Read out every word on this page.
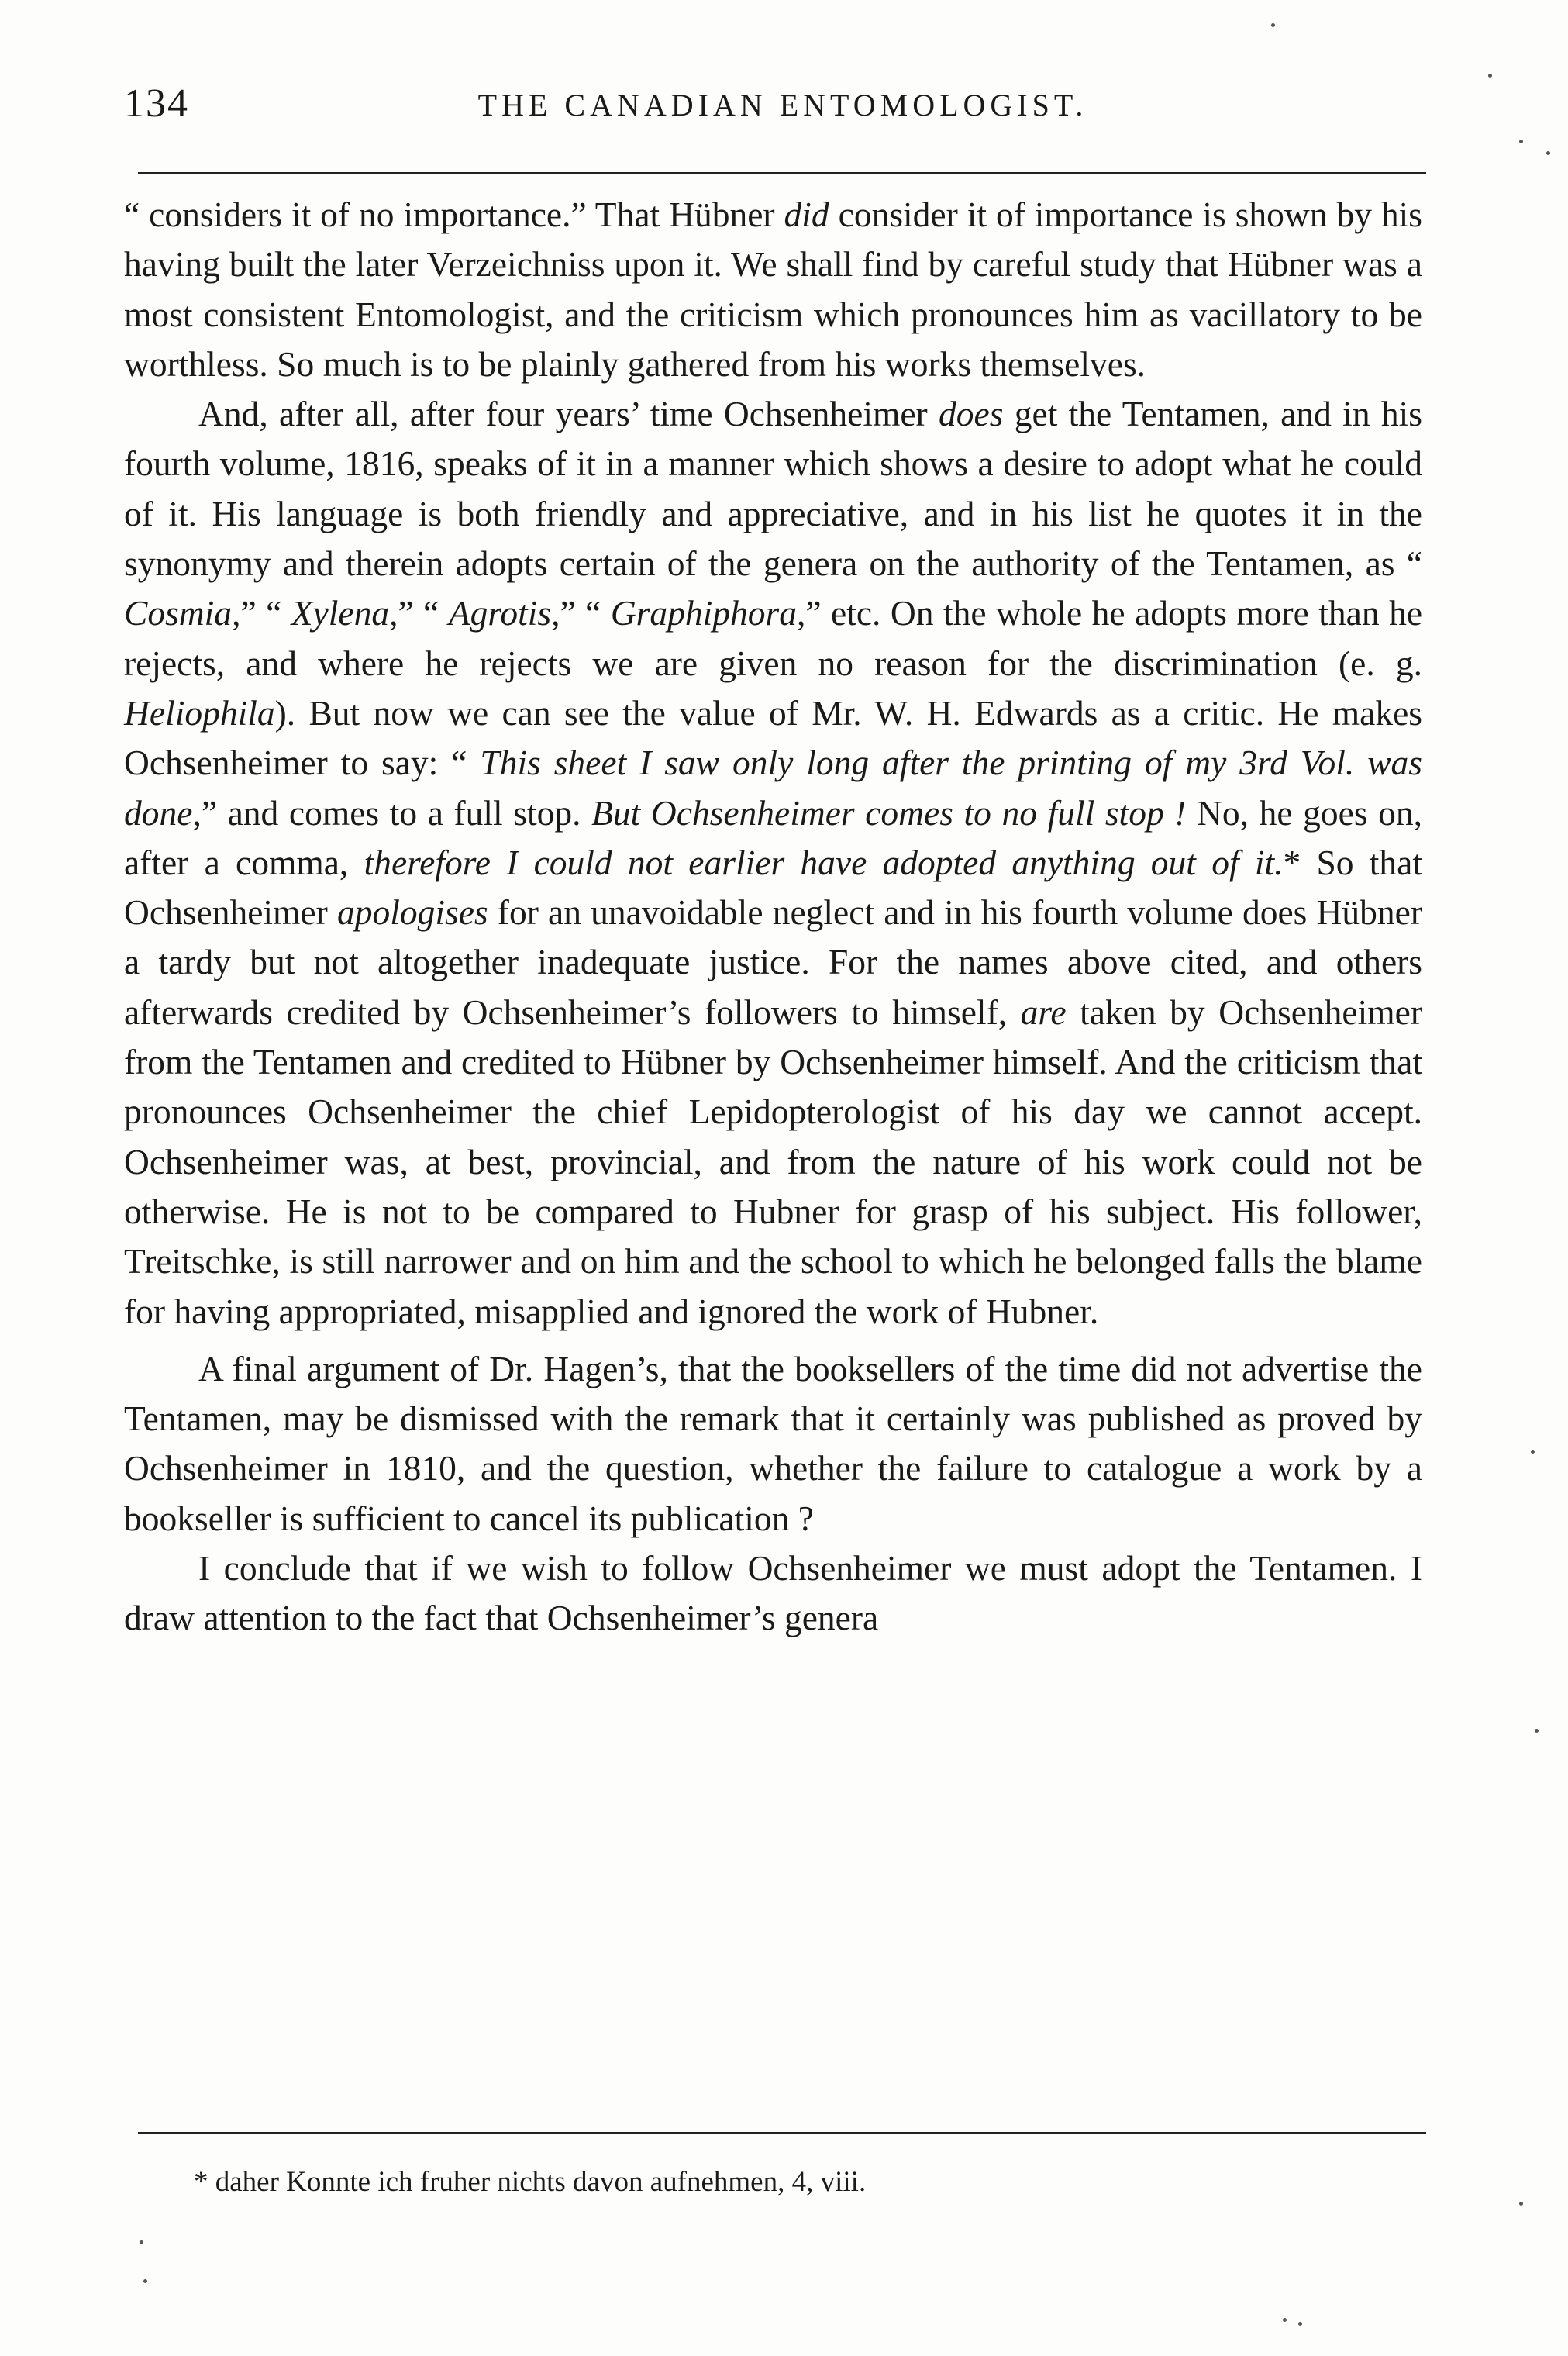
134	THE CANADIAN ENTOMOLOGIST.

“ considers it of no importance.” That Hübner did consider it of importance is shown by his having built the later Verzeichniss upon it. We shall find by careful study that Hübner was a most consistent Entomologist, and the criticism which pronounces him as vacillatory to be worthless. So much is to be plainly gathered from his works themselves.

And, after all, after four years’ time Ochsenheimer does get the Tentamen, and in his fourth volume, 1816, speaks of it in a manner which shows a desire to adopt what he could of it. His language is both friendly and appreciative, and in his list he quotes it in the synonymy and therein adopts certain of the genera on the authority of the Tentamen, as “ Cosmia,” “ Xylena,” “ Agrotis,” “ Graphiphora,” etc. On the whole he adopts more than he rejects, and where he rejects we are given no reason for the discrimination (e. g. Heliophila). But now we can see the value of Mr. W. H. Edwards as a critic. He makes Ochsenheimer to say: “ This sheet I saw only long after the printing of my 3rd Vol. was done,” and comes to a full stop. But Ochsenheimer comes to no full stop ! No, he goes on, after a comma, therefore I could not earlier have adopted anything out of it.* So that Ochsenheimer apologises for an unavoidable neglect and in his fourth volume does Hübner a tardy but not altogether inadequate justice. For the names above cited, and others afterwards credited by Ochsenheimer’s followers to himself, are taken by Ochsenheimer from the Tentamen and credited to Hübner by Ochsenheimer himself. And the criticism that pronounces Ochsenheimer the chief Lepidopterologist of his day we cannot accept. Ochsenheimer was, at best, provincial, and from the nature of his work could not be otherwise. He is not to be compared to Hubner for grasp of his subject. His follower, Treitschke, is still narrower and on him and the school to which he belonged falls the blame for having appropriated, misapplied and ignored the work of Hubner.

A final argument of Dr. Hagen’s, that the booksellers of the time did not advertise the Tentamen, may be dismissed with the remark that it certainly was published as proved by Ochsenheimer in 1810, and the question, whether the failure to catalogue a work by a bookseller is sufficient to cancel its publication ?

I conclude that if we wish to follow Ochsenheimer we must adopt the Tentamen. I draw attention to the fact that Ochsenheimer’s genera

* daher Konnte ich fruher nichts davon aufnehmen, 4, viii.
